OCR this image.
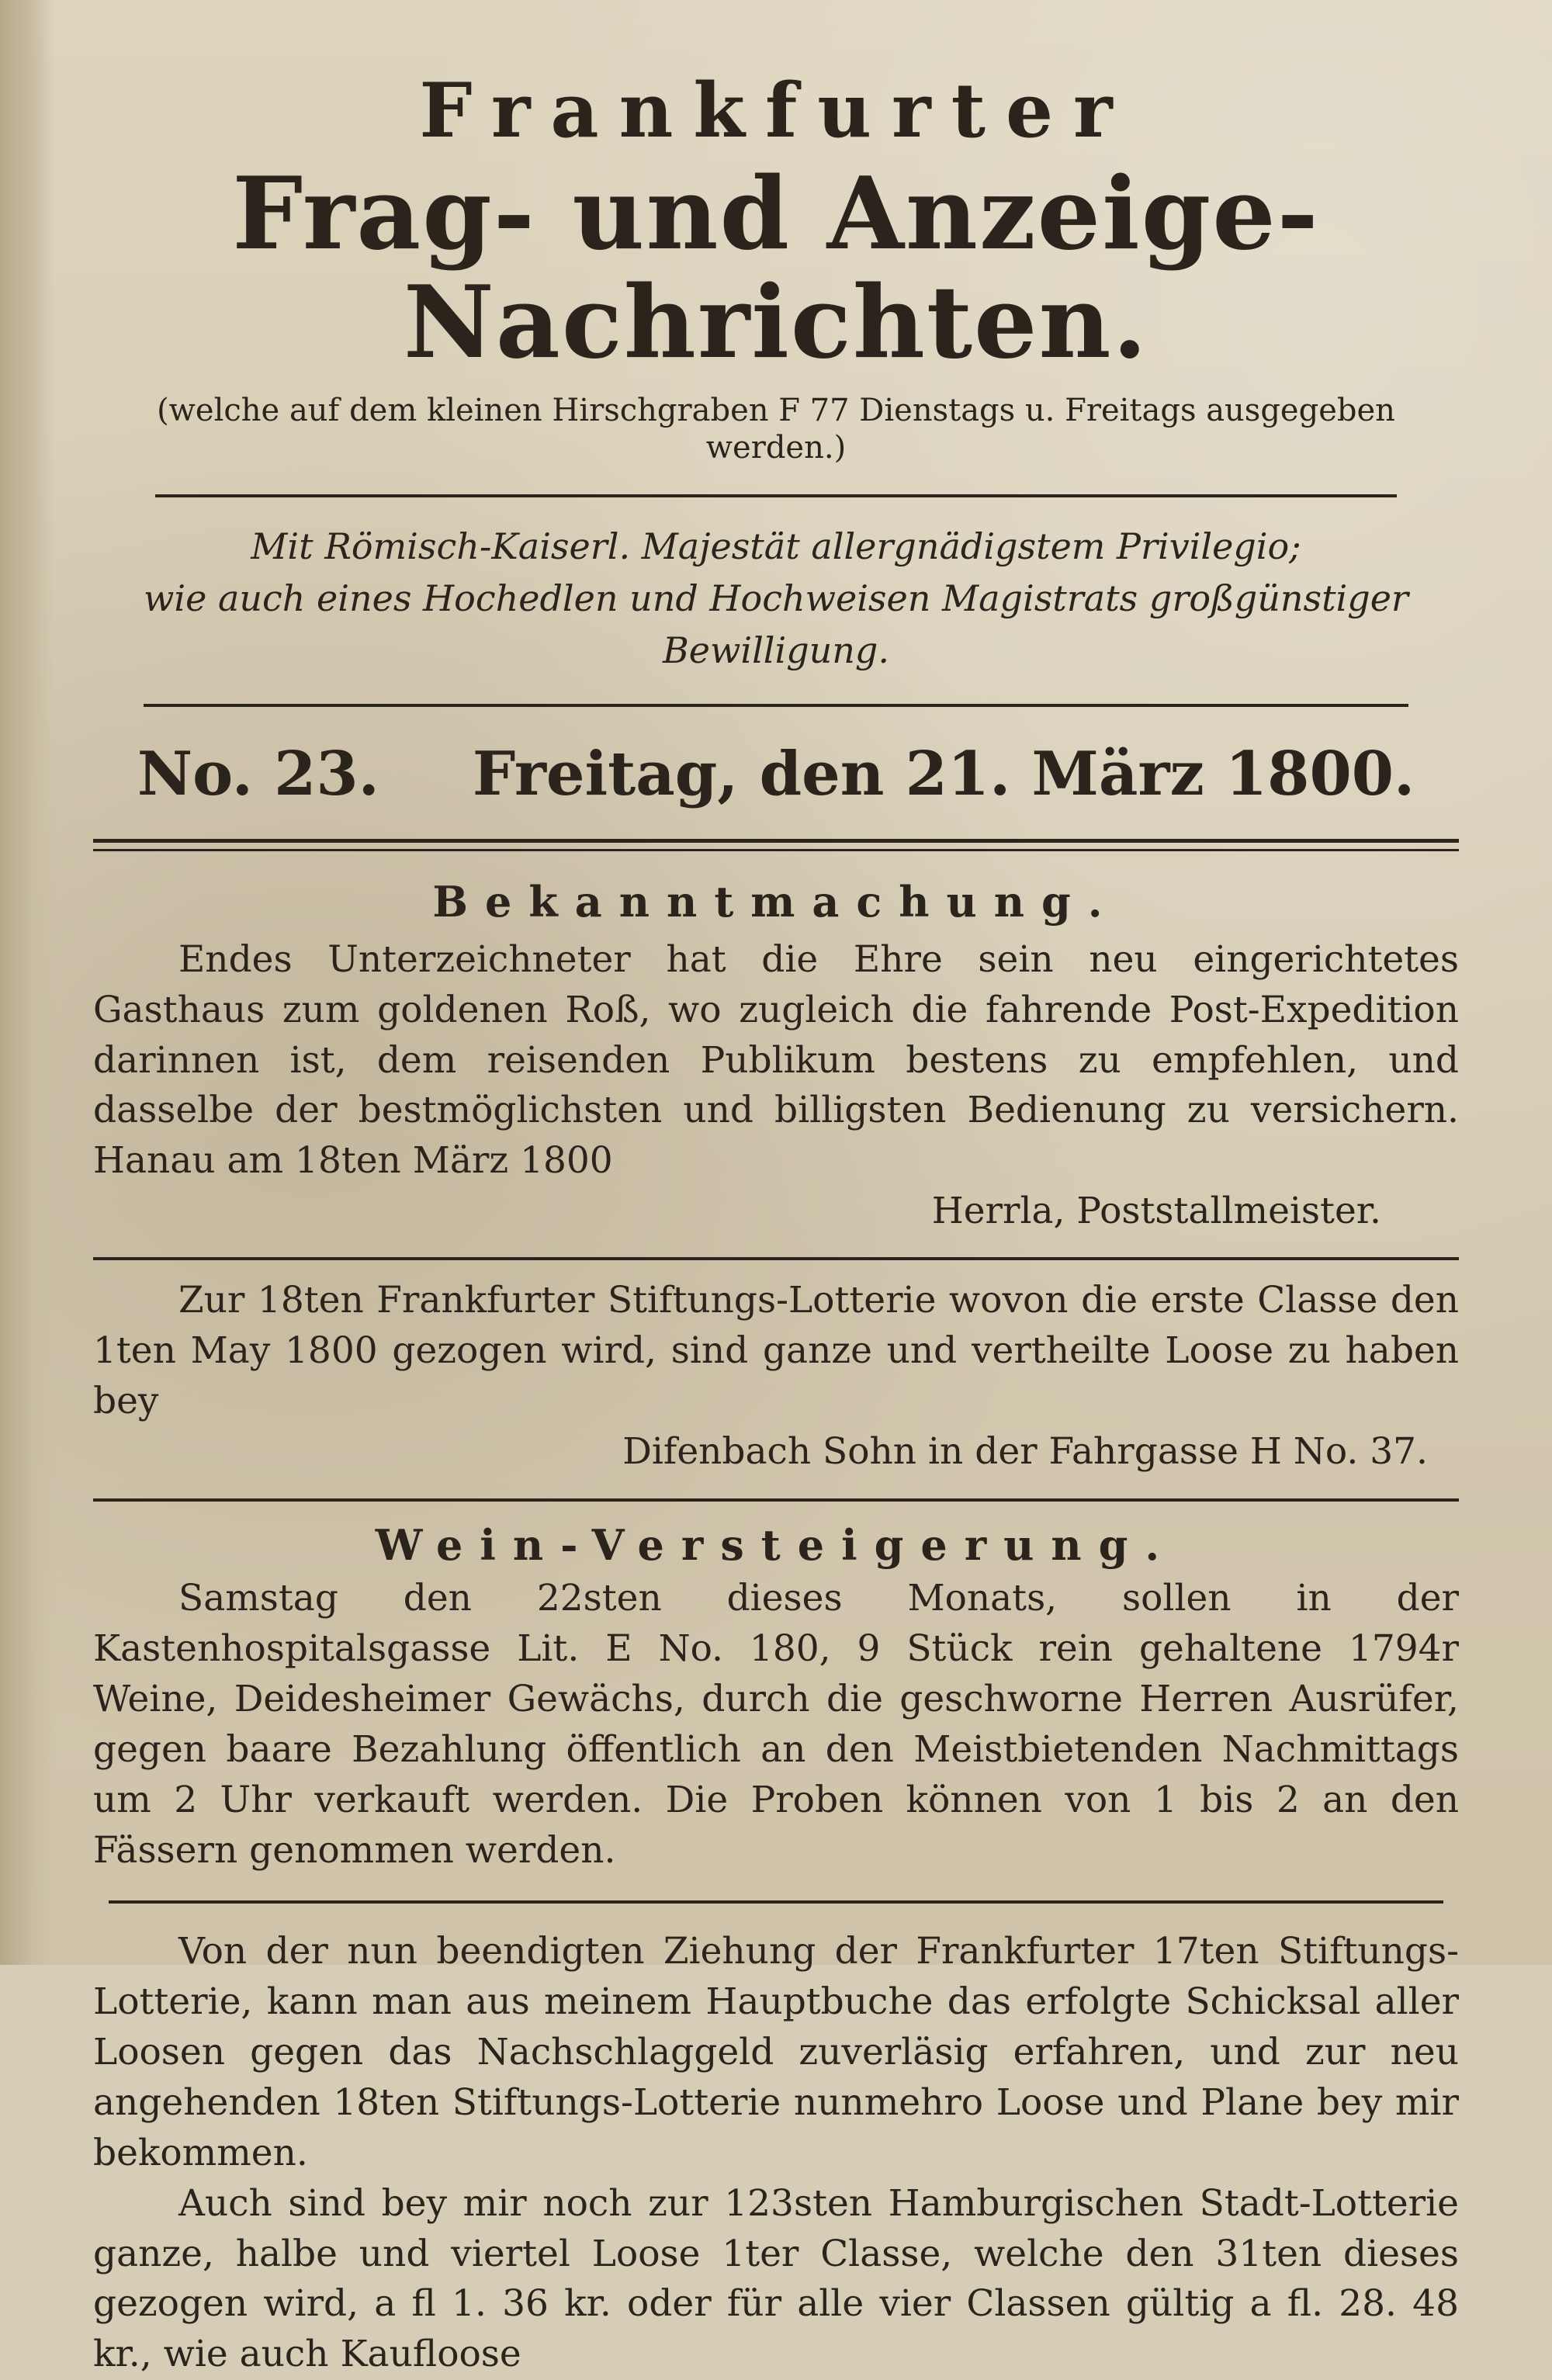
Frankfurter
Frag- und Anzeige-Nachrichten.
(welche auf dem kleinen Hirschgraben F 77 Dienstags u. Freitags ausgegeben werden.)
Mit Römisch-Kaiserl. Majestät allergnädigstem Privilegio;
wie auch eines Hochedlen und Hochweisen Magistrats großgünstiger Bewilligung.
No. 23. Freitag, den 21. März 1800.
Bekanntmachung.

Endes Unterzeichneter hat die Ehre sein neu eingerichtetes Gasthaus zum goldenen Roß, wo zugleich die fahrende Post-Expedition darinnen ist, dem reisenden Publikum bestens zu empfehlen, und dasselbe der bestmöglichsten und billigsten Bedienung zu versichern. Hanau am 18ten März 1800

Herrla, Poststallmeister.

Zur 18ten Frankfurter Stiftungs-Lotterie wovon die erste Classe den 1ten May 1800 gezogen wird, sind ganze und vertheilte Loose zu haben bey

Difenbach Sohn in der Fahrgasse H No. 37.
Wein-Versteigerung.

Samstag den 22sten dieses Monats, sollen in der Kastenhospitalsgasse Lit. E No. 180, 9 Stück rein gehaltene 1794r Weine, Deidesheimer Gewächs, durch die geschworne Herren Ausrüfer, gegen baare Bezahlung öffentlich an den Meistbietenden Nachmittags um 2 Uhr verkauft werden. Die Proben können von 1 bis 2 an den Fässern genommen werden.

Von der nun beendigten Ziehung der Frankfurter 17ten Stiftungs-Lotterie, kann man aus meinem Hauptbuche das erfolgte Schicksal aller Loosen gegen das Nachschlaggeld zuverläsig erfahren, und zur neu angehenden 18ten Stiftungs-Lotterie nunmehro Loose und Plane bey mir bekommen.

Auch sind bey mir noch zur 123sten Hamburgischen Stadt-Lotterie ganze, halbe und viertel Loose 1ter Classe, welche den 31ten dieses gezogen wird, a fl 1. 36 kr. oder für alle vier Classen gültig a fl. 28. 48 kr., wie auch Kaufloose
